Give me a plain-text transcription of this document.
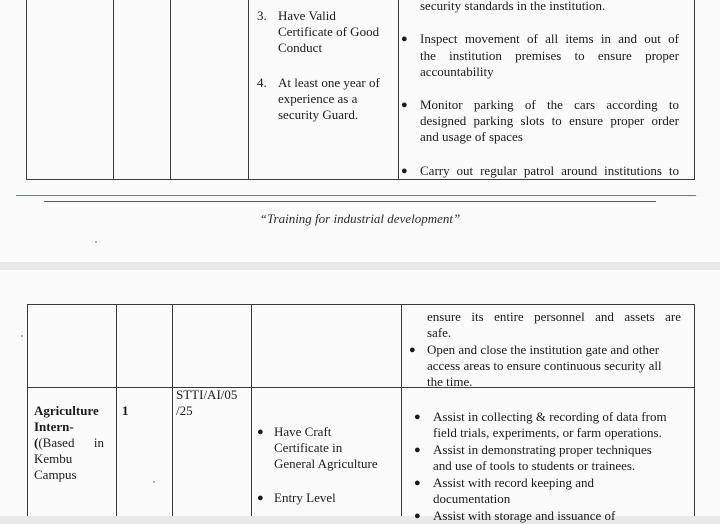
3. Have Valid
Certificate of Good
Conduct
4. At least one year of
experience as a
security Guard.
security standards in the institution.
● Inspect movement of all items in and out of
the institution premises to ensure proper
accountability
● Monitor parking of the cars according to
designed parking slots to ensure proper order
and usage of spaces
● Carry out regular patrol around institutions to
“Training for industrial development”
ensure its entire personnel and assets are
safe.
● Open and close the institution gate and other
access areas to ensure continuous security all
the time.
Agriculture
Intern-
((Based in
Kembu
Campus
1
STTI/AI/05
/25
● Have Craft
Certificate in
General Agriculture
● Entry Level
● Assist in collecting & recording of data from
field trials, experiments, or farm operations.
● Assist in demonstrating proper techniques
and use of tools to students or trainees.
● Assist with record keeping and
documentation
● Assist with storage and issuance of
